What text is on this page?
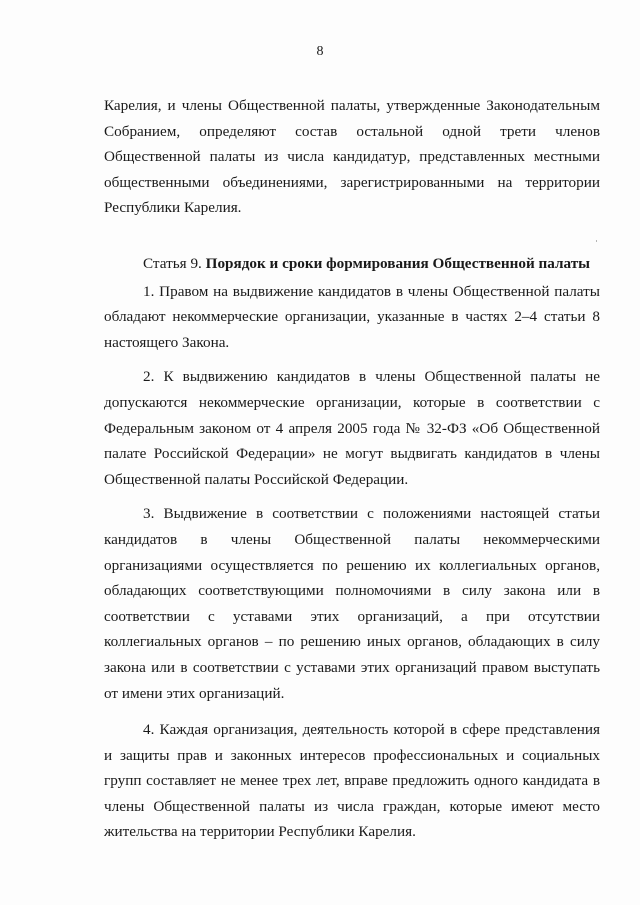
8

Карелия, и члены Общественной палаты, утвержденные Законодательным Собранием, определяют состав остальной одной трети членов Общественной палаты из числа кандидатур, представленных местными общественными объединениями, зарегистрированными на территории Республики Карелия.

Статья 9. Порядок и сроки формирования Общественной палаты

1. Правом на выдвижение кандидатов в члены Общественной палаты обладают некоммерческие организации, указанные в частях 2–4 статьи 8 настоящего Закона.

2. К выдвижению кандидатов в члены Общественной палаты не допускаются некоммерческие организации, которые в соответствии с Федеральным законом от 4 апреля 2005 года № 32-ФЗ «Об Общественной палате Российской Федерации» не могут выдвигать кандидатов в члены Общественной палаты Российской Федерации.

3. Выдвижение в соответствии с положениями настоящей статьи кандидатов в члены Общественной палаты некоммерческими организациями осуществляется по решению их коллегиальных органов, обладающих соответствующими полномочиями в силу закона или в соответствии с уставами этих организаций, а при отсутствии коллегиальных органов – по решению иных органов, обладающих в силу закона или в соответствии с уставами этих организаций правом выступать от имени этих организаций.

4. Каждая организация, деятельность которой в сфере представления и защиты прав и законных интересов профессиональных и социальных групп составляет не менее трех лет, вправе предложить одного кандидата в члены Общественной палаты из числа граждан, которые имеют место жительства на территории Республики Карелия.
